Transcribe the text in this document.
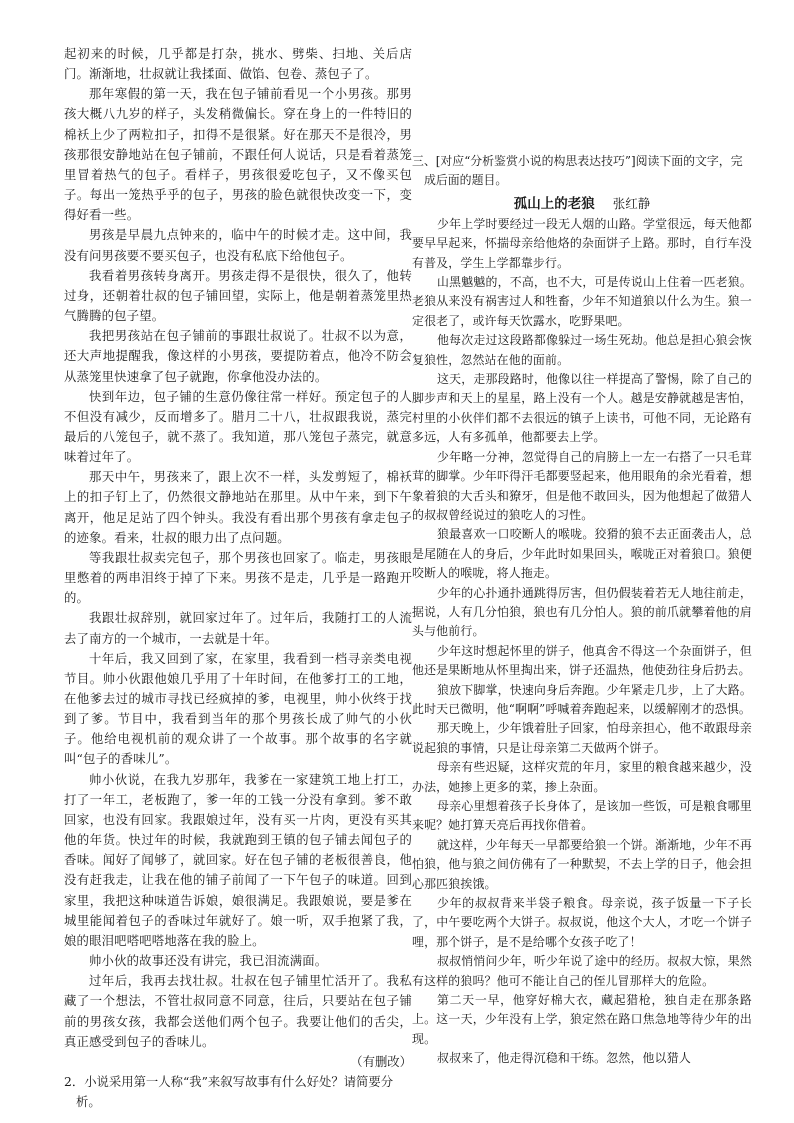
起初来的时候，几乎都是打杂，挑水、劈柴、扫地、关后店门。渐渐地，壮叔就让我揉面、做馅、包卷、蒸包子了。

那年寒假的第一天，我在包子铺前看见一个小男孩。那男孩大概八九岁的样子，头发稍微偏长。穿在身上的一件特旧的棉袄上少了两粒扣子，扣得不是很紧。好在那天不是很冷，男孩那很安静地站在包子铺前，不跟任何人说话，只是看着蒸笼里冒着热气的包子。看样子，男孩很爱吃包子，又不像买包子。每出一笼热乎乎的包子，男孩的脸色就很快改变一下，变得好看一些。

男孩是早晨九点钟来的，临中午的时候才走。这中间，我没有问男孩要不要买包子，也没有私底下给他包子。

我看着男孩转身离开。男孩走得不是很快，很久了，他转过身，还朝着壮叔的包子铺回望，实际上，他是朝着蒸笼里热气腾腾的包子望。

我把男孩站在包子铺前的事跟壮叔说了。壮叔不以为意，还大声地提醒我，像这样的小男孩，要提防着点，他冷不防会从蒸笼里快速拿了包子就跑，你拿他没办法的。

快到年边，包子铺的生意仍像往常一样好。预定包子的人不但没有减少，反而增多了。腊月二十八，壮叔跟我说，蒸完最后的八笼包子，就不蒸了。我知道，那八笼包子蒸完，就意味着过年了。

那天中午，男孩来了，跟上次不一样，头发剪短了，棉袄上的扣子钉上了，仍然很文静地站在那里。从中午来，到下午离开，他足足站了四个钟头。我没有看出那个男孩有拿走包子的迹象。看来，壮叔的眼力出了点问题。

等我跟壮叔卖完包子，那个男孩也回家了。临走，男孩眼里憋着的两串泪终于掉了下来。男孩不是走，几乎是一路跑开的。

我跟壮叔辞别，就回家过年了。过年后，我随打工的人流去了南方的一个城市，一去就是十年。

十年后，我又回到了家，在家里，我看到一档寻亲类电视节目。帅小伙跟他娘几乎用了十年时间，在他爹打工的工地，在他爹去过的城市寻找已经疯掉的爹，电视里，帅小伙终于找到了爹。节目中，我看到当年的那个男孩长成了帅气的小伙子。他给电视机前的观众讲了一个故事。那个故事的名字就叫“包子的香味儿”。

帅小伙说，在我九岁那年，我爹在一家建筑工地上打工，打了一年工，老板跑了，爹一年的工钱一分没有拿到。爹不敢回家，也没有回家。我跟娘过年，没有买一片肉，更没有买其他的年货。快过年的时候，我就跑到王镇的包子铺去闻包子的香味。闻好了闻够了，就回家。好在包子铺的老板很善良，他没有赶我走，让我在他的铺子前闻了一下午包子的味道。回到家里，我把这种味道告诉娘，娘很满足。我跟娘说，要是爹在城里能闻着包子的香味过年就好了。娘一听，双手抱紧了我，娘的眼泪吧嗒吧嗒地落在我的脸上。

帅小伙的故事还没有讲完，我已泪流满面。

过年后，我再去找壮叔。壮叔在包子铺里忙活开了。我私藏了一个想法，不管壮叔同意不同意，往后，只要站在包子铺前的男孩女孩，我都会送他们两个包子。我要让他们的舌尖，真正感受到包子的香味儿。

（有删改）

2．小说采用第一人称“我”来叙写故事有什么好处？请简要分析。

三、[对应“分析鉴赏小说的构思表达技巧”]阅读下面的文字，完成后面的题目。

孤山上的老狼 张红静

少年上学时要经过一段无人烟的山路。学堂很远，每天他都要早早起来，怀揣母亲给他烙的杂面饼子上路。那时，自行车没有普及，学生上学都靠步行。

山黑魆魆的，不高，也不大，可是传说山上住着一匹老狼。老狼从来没有祸害过人和牲畜，少年不知道狼以什么为生。狼一定很老了，或许每天饮露水，吃野果吧。

他每次走过这段路都像躲过一场生死劫。他总是担心狼会恢复狼性，忽然站在他的面前。

这天，走那段路时，他像以往一样提高了警惕，除了自己的脚步声和天上的星星，路上没有一个人。越是安静就越是害怕，村里的小伙伴们都不去很远的镇子上读书，可他不同，无论路有多远，人有多孤单，他都要去上学。

少年略一分神，忽觉得自己的肩膀上一左一右搭了一只毛茸茸的脚掌。少年吓得汗毛都要竖起来，他用眼角的余光看着，想象着狼的大舌头和獠牙，但是他不敢回头，因为他想起了做猎人的叔叔曾经说过的狼吃人的习性。

狼最喜欢一口咬断人的喉咙。狡猾的狼不去正面袭击人，总是尾随在人的身后，少年此时如果回头，喉咙正对着狼口。狼便咬断人的喉咙，将人拖走。

少年的心扑通扑通跳得厉害，但仍假装着若无人地往前走，据说，人有几分怕狼，狼也有几分怕人。狼的前爪就攀着他的肩头与他前行。

少年这时想起怀里的饼子，他真舍不得这一个杂面饼子，但他还是果断地从怀里掏出来，饼子还温热，他使劲往身后扔去。

狼放下脚掌，快速向身后奔跑。少年紧走几步，上了大路。此时天已微明，他“啊啊”呼喊着奔跑起来，以缓解刚才的恐惧。

那天晚上，少年饿着肚子回家，怕母亲担心，他不敢跟母亲说起狼的事情，只是让母亲第二天做两个饼子。

母亲有些迟疑，这样灾荒的年月，家里的粮食越来越少，没办法，她掺上更多的菜，掺上杂面。

母亲心里想着孩子长身体了，是该加一些饭，可是粮食哪里来呢？她打算天亮后再找你借着。

就这样，少年每天一早都要给狼一个饼。渐渐地，少年不再怕狼，他与狼之间仿佛有了一种默契，不去上学的日子，他会担心那匹狼挨饿。

少年的叔叔背来半袋子粮食。母亲说，孩子饭量一下子长了，中午要吃两个大饼子。叔叔说，他这个大人，才吃一个饼子哩，那个饼子，是不是给哪个女孩子吃了！

叔叔悄悄问少年，听少年说了途中的经历。叔叔大惊，果然有这样的狼吗？他可不能让自己的侄儿冒那样大的危险。

第二天一早，他穿好棉大衣，藏起猎枪，独自走在那条路上。这一天，少年没有上学，狼定然在路口焦急地等待少年的出现。

叔叔来了，他走得沉稳和干练。忽然，他以猎人
